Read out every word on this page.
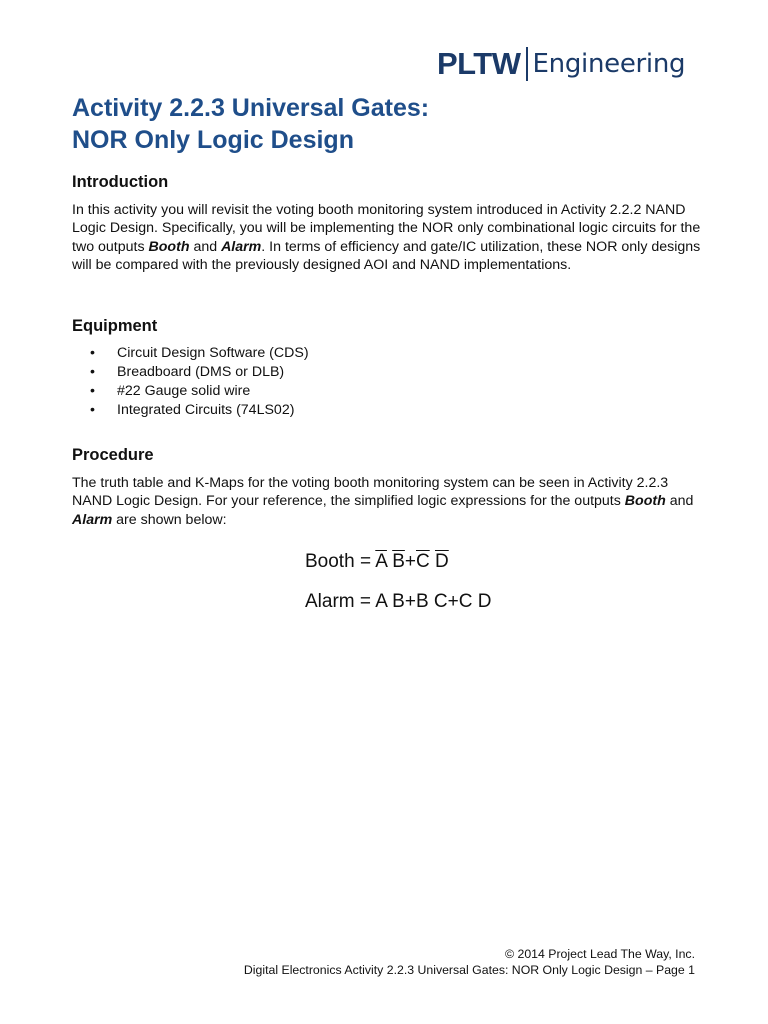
PLTW Engineering
Activity 2.2.3 Universal Gates:
NOR Only Logic Design
Introduction

In this activity you will revisit the voting booth monitoring system introduced in Activity 2.2.2 NAND Logic Design. Specifically, you will be implementing the NOR only combinational logic circuits for the two outputs Booth and Alarm. In terms of efficiency and gate/IC utilization, these NOR only designs will be compared with the previously designed AOI and NAND implementations.

Equipment
• Circuit Design Software (CDS)
• Breadboard (DMS or DLB)
• #22 Gauge solid wire
• Integrated Circuits (74LS02)
Procedure

The truth table and K-Maps for the voting booth monitoring system can be seen in Activity 2.2.3 NAND Logic Design. For your reference, the simplified logic expressions for the outputs Booth and Alarm are shown below:

Booth = $\overline{A}$ $\overline{B}+\overline{C}$ $\overline{D}$
Alarm = A B+B C+C D
© 2014 Project Lead The Way, Inc.
Digital Electronics Activity 2.2.3 Universal Gates: NOR Only Logic Design – Page 1
